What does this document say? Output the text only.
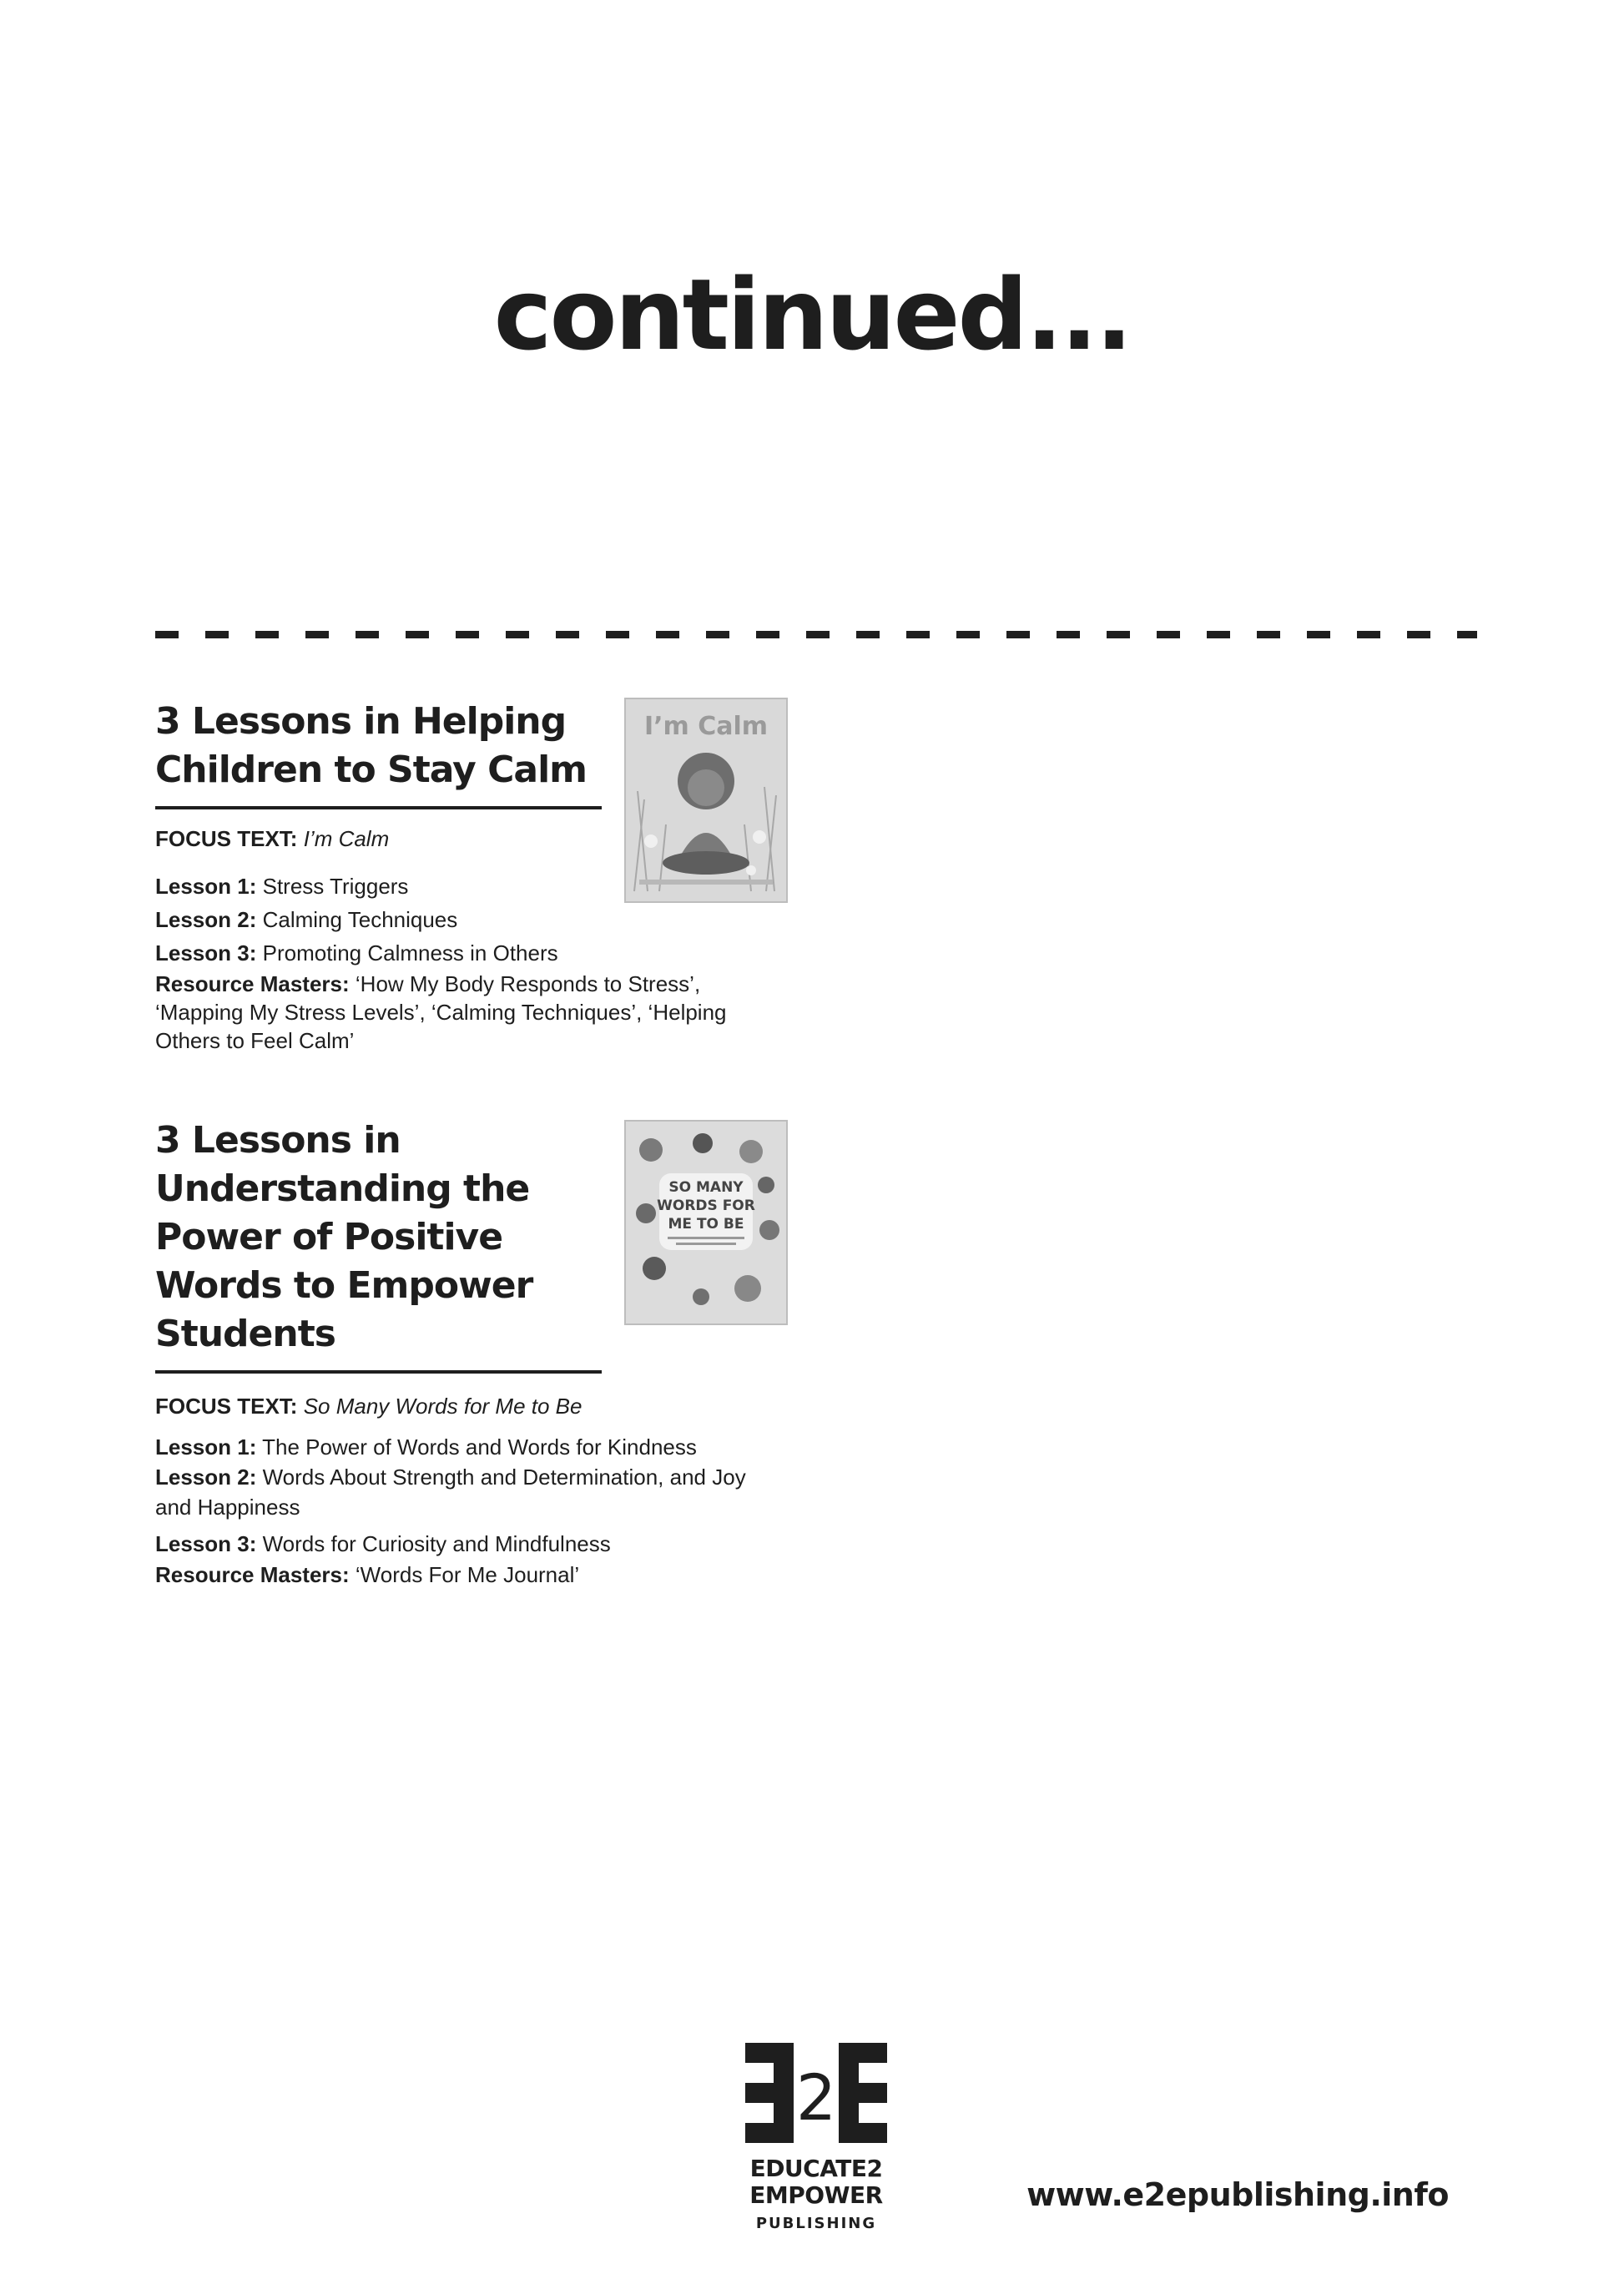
continued...
3 Lessons in Helping Children to Stay Calm
FOCUS TEXT: I’m Calm
Lesson 1: Stress Triggers
Lesson 2: Calming Techniques
Lesson 3: Promoting Calmness in Others
Resource Masters: ‘How My Body Responds to Stress’, ‘Mapping My Stress Levels’, ‘Calming Techniques’, ‘Helping Others to Feel Calm’
I’m Calm
3 Lessons in Understanding the Power of Positive Words to Empower Students
FOCUS TEXT: So Many Words for Me to Be
Lesson 1: The Power of Words and Words for Kindness
Lesson 2: Words About Strength and Determination, and Joy and Happiness
Lesson 3: Words for Curiosity and Mindfulness
Resource Masters: ‘Words For Me Journal’
SO MANY
WORDS FOR
ME TO BE
2
EDUCATE2
EMPOWER
PUBLISHING
www.e2epublishing.info
